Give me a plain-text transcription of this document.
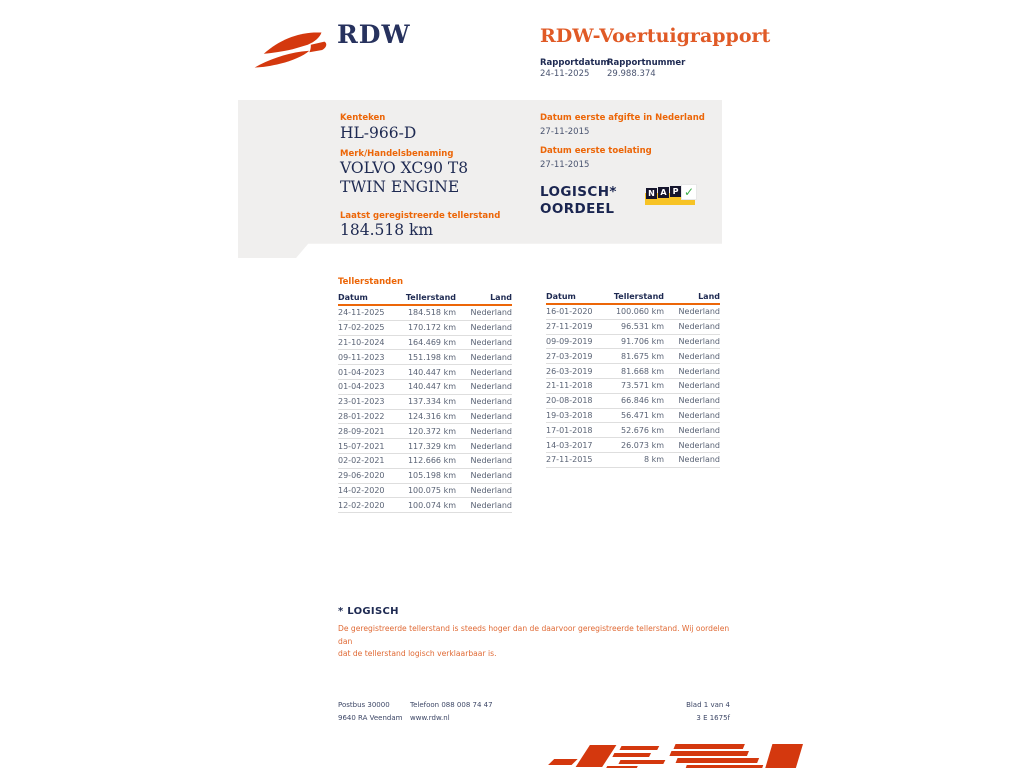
RDW	RDW-Voertuigrapport
Rapportdatum
Rapportnummer
24-11-2025 29.988.374
Kenteken
HL-966-D
Merk/Handelsbenaming
VOLVO XC90 T8
TWIN ENGINE
Laatst geregistreerde tellerstand
184.518 km
Datum eerste afgifte in Nederland
27-11-2015
Datum eerste toelating
27-11-2015
LOGISCH*
OORDEEL
N A P ✓
Tellerstanden
Datum	Tellerstand	Land
24-11-2025	184.518 km	Nederland
17-02-2025	170.172 km	Nederland
21-10-2024	164.469 km	Nederland
09-11-2023	151.198 km	Nederland
01-04-2023	140.447 km	Nederland
01-04-2023	140.447 km	Nederland
23-01-2023	137.334 km	Nederland
28-01-2022	124.316 km	Nederland
28-09-2021	120.372 km	Nederland
15-07-2021	117.329 km	Nederland
02-02-2021	112.666 km	Nederland
29-06-2020	105.198 km	Nederland
14-02-2020	100.075 km	Nederland
12-02-2020	100.074 km	Nederland
Datum	Tellerstand	Land
16-01-2020	100.060 km	Nederland
27-11-2019	96.531 km	Nederland
09-09-2019	91.706 km	Nederland
27-03-2019	81.675 km	Nederland
26-03-2019	81.668 km	Nederland
21-11-2018	73.571 km	Nederland
20-08-2018	66.846 km	Nederland
19-03-2018	56.471 km	Nederland
17-01-2018	52.676 km	Nederland
14-03-2017	26.073 km	Nederland
27-11-2015	8 km	Nederland
* LOGISCH
De geregistreerde tellerstand is steeds hoger dan de daarvoor geregistreerde tellerstand. Wij oordelen dan
dat de tellerstand logisch verklaarbaar is.
Postbus 30000
9640 RA Veendam
Telefoon 088 008 74 47
www.rdw.nl
Blad 1 van 4
3 E 1675f
